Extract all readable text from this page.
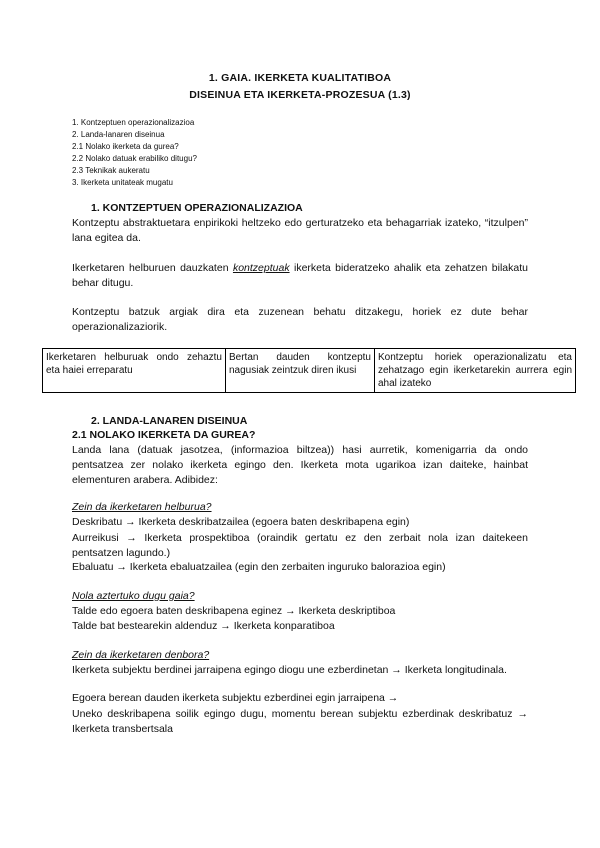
1. GAIA. IKERKETA KUALITATIBOA
DISEINUA ETA IKERKETA-PROZESUA (1.3)
1. Kontzeptuen operazionalizazioa
2. Landa-lanaren diseinua
2.1 Nolako ikerketa da gurea?
2.2 Nolako datuak erabiliko ditugu?
2.3 Teknikak aukeratu
3. Ikerketa unitateak mugatu
1. KONTZEPTUEN OPERAZIONALIZAZIOA
Kontzeptu abstraktuetara enpirikoki heltzeko edo gerturatzeko eta behagarriak izateko, “itzulpen” lana egitea da.
Ikerketaren helburuen dauzkaten kontzeptuak ikerketa bideratzeko ahalik eta zehatzen bilakatu behar ditugu.
Kontzeptu batzuk argiak dira eta zuzenean behatu ditzakegu, horiek ez dute behar operazionalizaziorik.
Ikerketaren helburuak ondo zehaztu eta haiei erreparatu	Bertan dauden kontzeptu nagusiak zeintzuk diren ikusi	Kontzeptu horiek operazionalizatu eta zehatzago egin ikerketarekin aurrera egin ahal izateko
2. LANDA-LANAREN DISEINUA
2.1 NOLAKO IKERKETA DA GUREA?
Landa lana (datuak jasotzea, (informazioa biltzea)) hasi aurretik, komenigarria da ondo pentsatzea zer nolako ikerketa egingo den. Ikerketa mota ugarikoa izan daiteke, hainbat elementuren arabera. Adibidez:
Zein da ikerketaren helburua?
Deskribatu → Ikerketa deskribatzailea (egoera baten deskribapena egin)
Aurreikusi → Ikerketa prospektiboa (oraindik gertatu ez den zerbait nola izan daitekeen pentsatzen lagundo.)
Ebaluatu → Ikerketa ebaluatzailea (egin den zerbaiten inguruko balorazioa egin)
Nola aztertuko dugu gaia?
Talde edo egoera baten deskribapena eginez → Ikerketa deskriptiboa
Talde bat bestearekin aldenduz → Ikerketa konparatiboa
Zein da ikerketaren denbora?
Ikerketa subjektu berdinei jarraipena egingo diogu une ezberdinetan → Ikerketa longitudinala.
Egoera berean dauden ikerketa subjektu ezberdinei egin jarraipena →
Uneko deskribapena soilik egingo dugu, momentu berean subjektu ezberdinak deskribatuz → Ikerketa transbertsala
